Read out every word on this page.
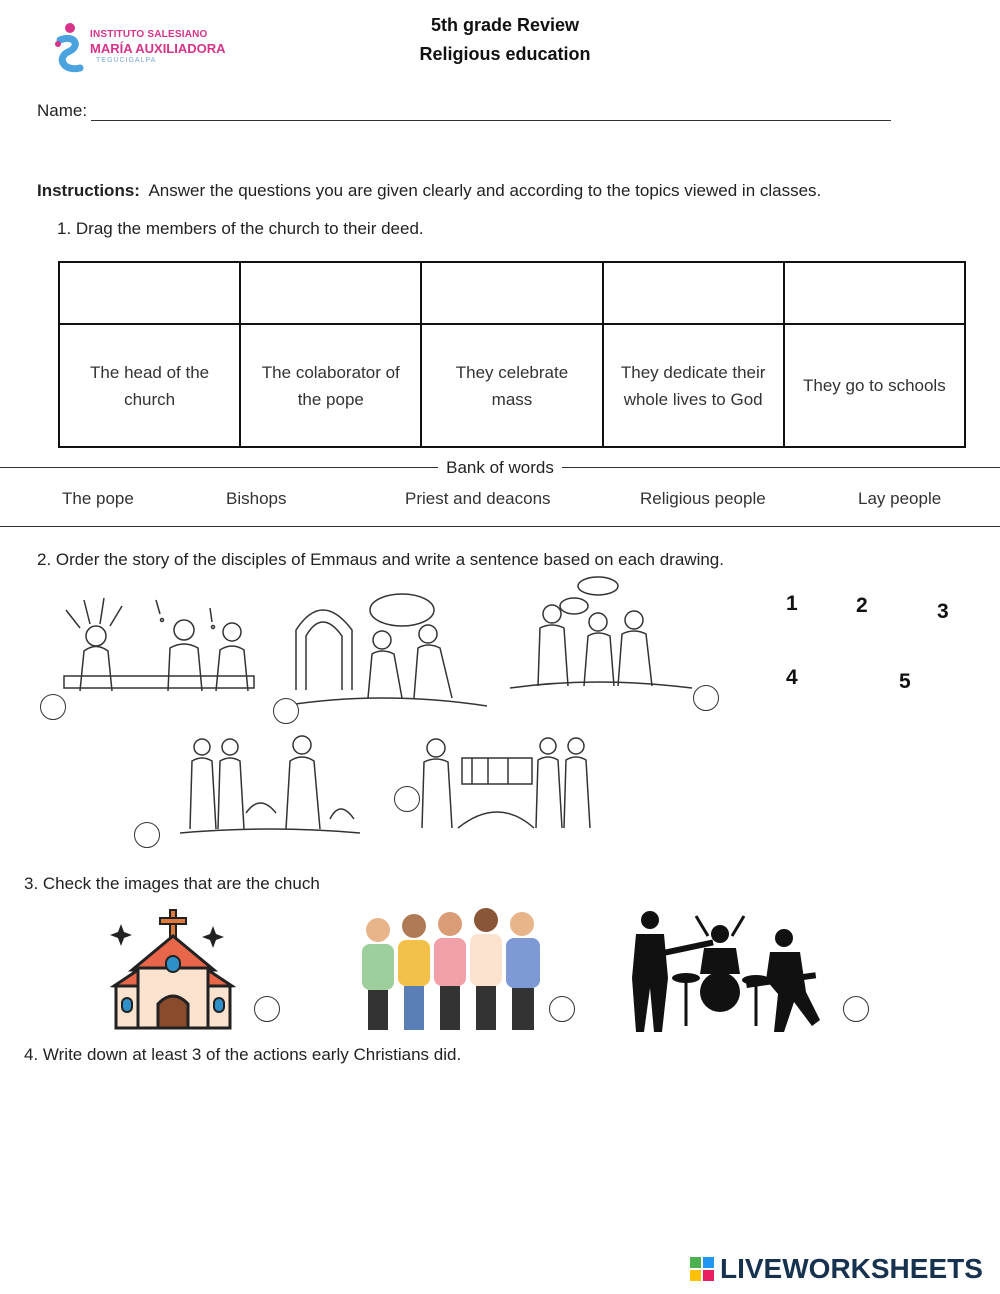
INSTITUTO SALESIANO
MARÍA AUXILIADORA
TEGUCIGALPA
5th grade Review
Religious education
Name:
Instructions: Answer the questions you are given clearly and according to the topics viewed in classes.
1. Drag the members of the church to their deed.

The head of the church	The colaborator of the pope	They celebrate mass	They dedicate their whole lives to God	They go to schools
Bank of words
The pope	Bishops	Priest and deacons	Religious people	Lay people
2. Order the story of the disciples of Emmaus and write a sentence based on each drawing.
1	2	3
4	5
3. Check the images that are the chuch
4. Write down at least 3 of the actions early Christians did.
LIVEWORKSHEETS
